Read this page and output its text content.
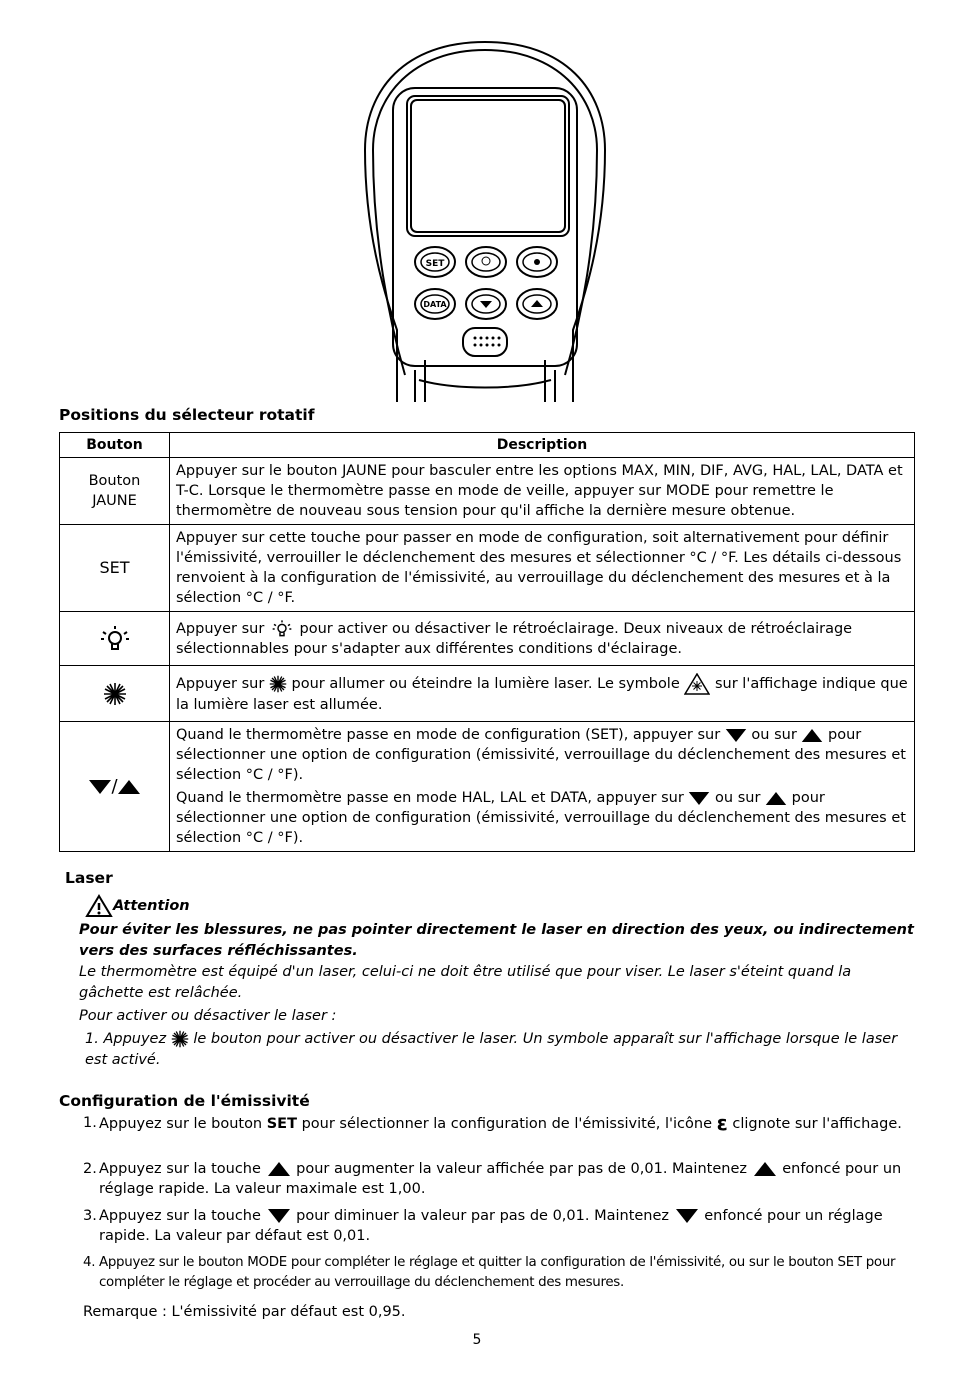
SET
DATA
Positions du sélecteur rotatif
Bouton	Description
Bouton JAUNE	Appuyer sur le bouton JAUNE pour basculer entre les options MAX, MIN, DIF, AVG, HAL, LAL, DATA et T-C. Lorsque le thermomètre passe en mode de veille, appuyer sur MODE pour remettre le thermomètre de nouveau sous tension pour qu'il affiche la dernière mesure obtenue.
SET	Appuyer sur cette touche pour passer en mode de configuration, soit alternativement pour définir l'émissivité, verrouiller le déclenchement des mesures et sélectionner °C / °F. Les détails ci-dessous renvoient à la configuration de l'émissivité, au verrouillage du déclenchement des mesures et à la sélection °C / °F.
	Appuyer sur pour activer ou désactiver le rétroéclairage. Deux niveaux de rétroéclairage sélectionnables pour s'adapter aux différentes conditions d'éclairage.
	Appuyer sur pour allumer ou éteindre la lumière laser. Le symbole sur l'affichage indique que la lumière laser est allumée.
/	Quand le thermomètre passe en mode de configuration (SET), appuyer sur ou sur pour sélectionner une option de configuration (émissivité, verrouillage du déclenchement des mesures et sélection °C / °F).
Quand le thermomètre passe en mode HAL, LAL et DATA, appuyer sur ou sur pour sélectionner une option de configuration (émissivité, verrouillage du déclenchement des mesures et sélection °C / °F).
Laser
Attention
Pour éviter les blessures, ne pas pointer directement le laser en direction des yeux, ou indirectement vers des surfaces réfléchissantes.
Le thermomètre est équipé d'un laser, celui-ci ne doit être utilisé que pour viser. Le laser s'éteint quand la gâchette est relâchée.
Pour activer ou désactiver le laser :
1. Appuyez le bouton pour activer ou désactiver le laser. Un symbole apparaît sur l'affichage lorsque le laser est activé.
Configuration de l'émissivité
1. Appuyez sur le bouton SET pour sélectionner la configuration de l'émissivité, l'icône ε clignote sur l'affichage.
2. Appuyez sur la touche pour augmenter la valeur affichée par pas de 0,01. Maintenez enfoncé pour un réglage rapide. La valeur maximale est 1,00.
3. Appuyez sur la touche pour diminuer la valeur par pas de 0,01. Maintenez enfoncé pour un réglage rapide. La valeur par défaut est 0,01.
4. Appuyez sur le bouton MODE pour compléter le réglage et quitter la configuration de l'émissivité, ou sur le bouton SET pour compléter le réglage et procéder au verrouillage du déclenchement des mesures.
Remarque : L'émissivité par défaut est 0,95.
5
